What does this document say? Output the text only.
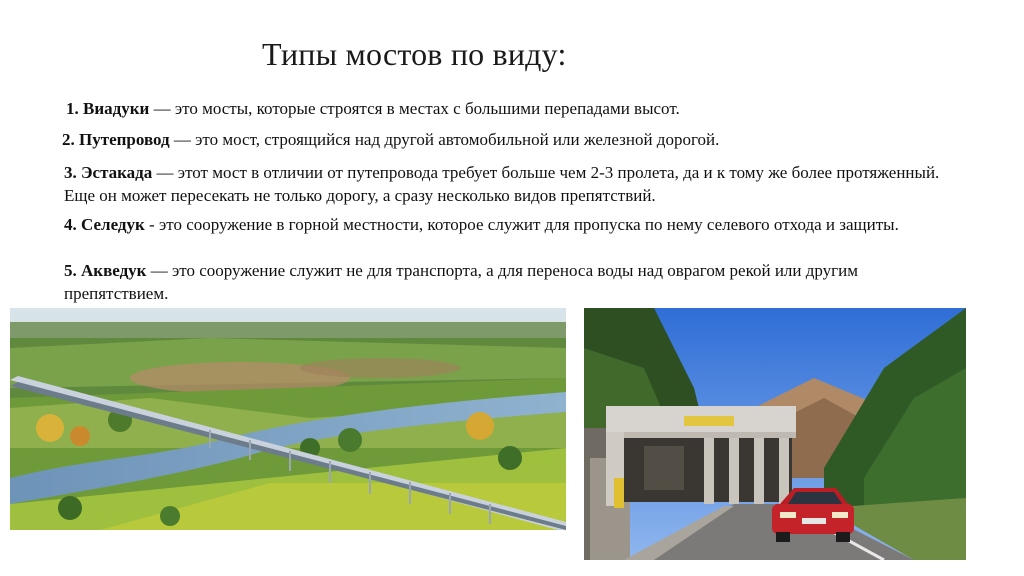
Типы мостов по виду:
1. Виадуки — это мосты, которые строятся в местах с большими перепадами высот.
2. Путепровод — это мост, строящийся над другой автомобильной или железной дорогой.
3. Эстакада — этот мост в отличии от путепровода требует больше чем 2-3 пролета, да и к тому же более протяженный. Еще он может пересекать не только дорогу, а сразу несколько видов препятствий.
4. Селедук - это сооружение в горной местности, которое служит для пропуска по нему селевого отхода и защиты.
5. Акведук — это сооружение служит не для транспорта, а для переноса воды над оврагом рекой или другим препятствием.
